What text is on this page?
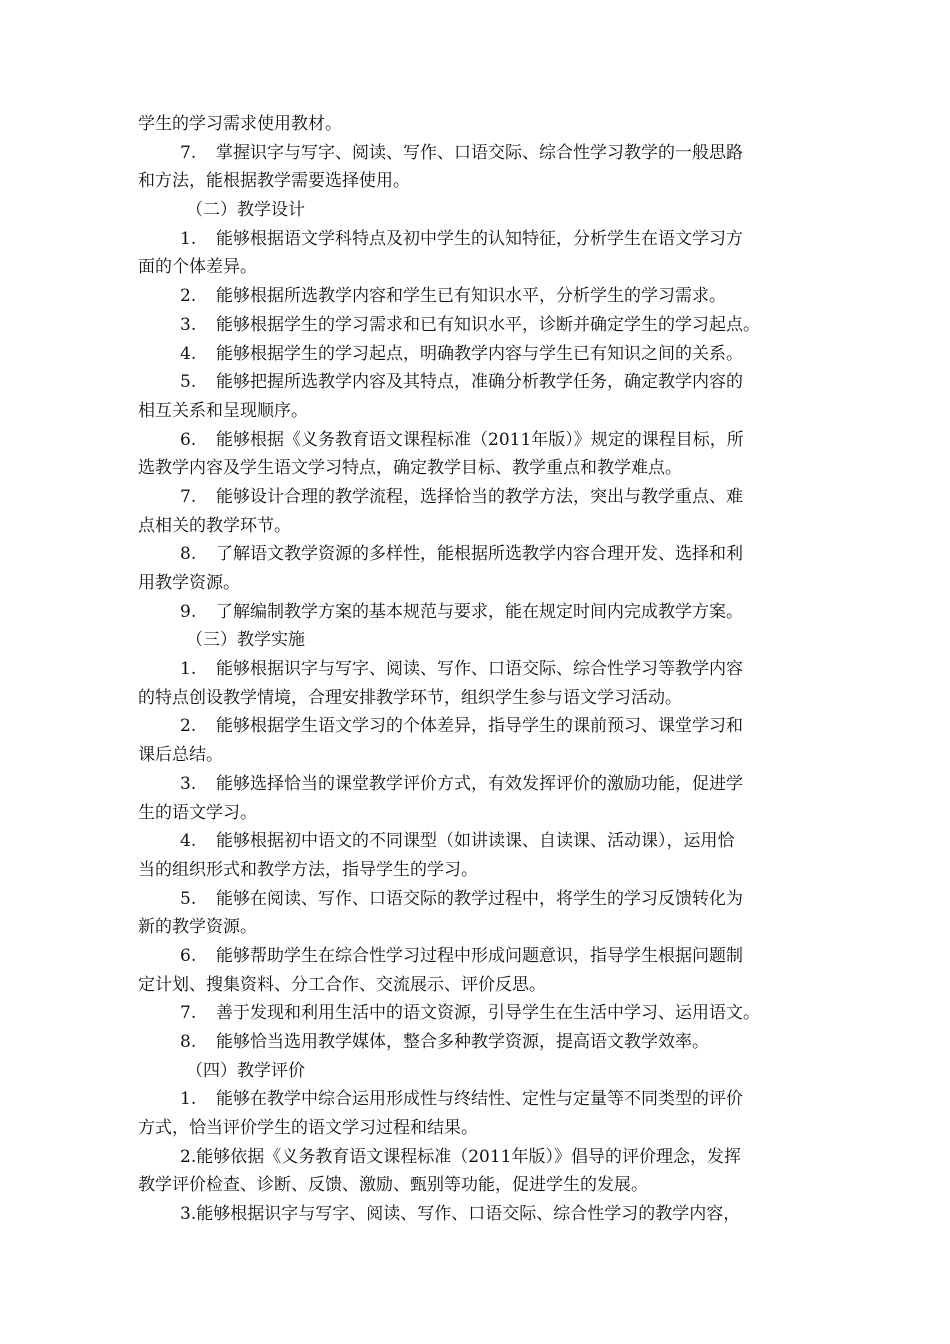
学生的学习需求使用教材。
7. 掌握识字与写字、阅读、写作、口语交际、综合性学习教学的一般思路
和方法，能根据教学需要选择使用。
（二）教学设计
1. 能够根据语文学科特点及初中学生的认知特征，分析学生在语文学习方
面的个体差异。
2. 能够根据所选教学内容和学生已有知识水平，分析学生的学习需求。
3. 能够根据学生的学习需求和已有知识水平，诊断并确定学生的学习起点。
4. 能够根据学生的学习起点，明确教学内容与学生已有知识之间的关系。
5. 能够把握所选教学内容及其特点，准确分析教学任务，确定教学内容的
相互关系和呈现顺序。
6. 能够根据《义务教育语文课程标准（2011年版）》规定的课程目标，所
选教学内容及学生语文学习特点，确定教学目标、教学重点和教学难点。
7. 能够设计合理的教学流程，选择恰当的教学方法，突出与教学重点、难
点相关的教学环节。
8. 了解语文教学资源的多样性，能根据所选教学内容合理开发、选择和利
用教学资源。
9. 了解编制教学方案的基本规范与要求，能在规定时间内完成教学方案。
（三）教学实施
1. 能够根据识字与写字、阅读、写作、口语交际、综合性学习等教学内容
的特点创设教学情境，合理安排教学环节，组织学生参与语文学习活动。
2. 能够根据学生语文学习的个体差异，指导学生的课前预习、课堂学习和
课后总结。
3. 能够选择恰当的课堂教学评价方式，有效发挥评价的激励功能，促进学
生的语文学习。
4. 能够根据初中语文的不同课型（如讲读课、自读课、活动课），运用恰
当的组织形式和教学方法，指导学生的学习。
5. 能够在阅读、写作、口语交际的教学过程中，将学生的学习反馈转化为
新的教学资源。
6. 能够帮助学生在综合性学习过程中形成问题意识，指导学生根据问题制
定计划、搜集资料、分工合作、交流展示、评价反思。
7. 善于发现和利用生活中的语文资源，引导学生在生活中学习、运用语文。
8. 能够恰当选用教学媒体，整合多种教学资源，提高语文教学效率。
（四）教学评价
1. 能够在教学中综合运用形成性与终结性、定性与定量等不同类型的评价
方式，恰当评价学生的语文学习过程和结果。
2.能够依据《义务教育语文课程标准（2011年版）》倡导的评价理念，发挥
教学评价检查、诊断、反馈、激励、甄别等功能，促进学生的发展。
3.能够根据识字与写字、阅读、写作、口语交际、综合性学习的教学内容，
